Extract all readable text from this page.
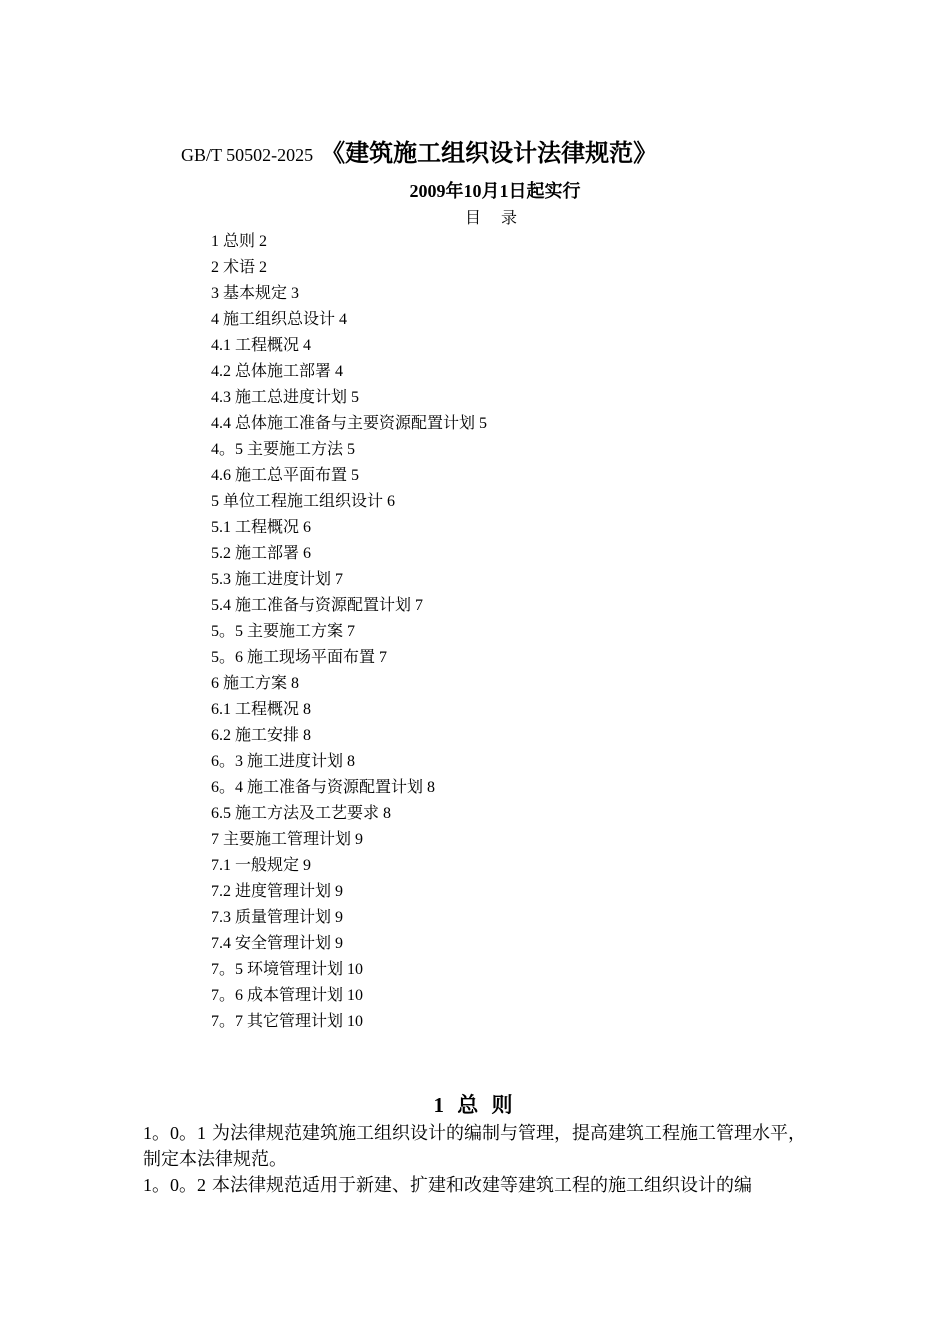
GB/T 50502-2025 《建筑施工组织设计法律规范》
2009年10月1日起实行
目 录
1 总则 2
2 术语 2
3 基本规定 3
4 施工组织总设计 4
4.1 工程概况 4
4.2 总体施工部署 4
4.3 施工总进度计划 5
4.4 总体施工准备与主要资源配置计划 5
4。5 主要施工方法 5
4.6 施工总平面布置 5
5 单位工程施工组织设计 6
5.1 工程概况 6
5.2 施工部署 6
5.3 施工进度计划 7
5.4 施工准备与资源配置计划 7
5。5 主要施工方案 7
5。6 施工现场平面布置 7
6 施工方案 8
6.1 工程概况 8
6.2 施工安排 8
6。3 施工进度计划 8
6。4 施工准备与资源配置计划 8
6.5 施工方法及工艺要求 8
7 主要施工管理计划 9
7.1 一般规定 9
7.2 进度管理计划 9
7.3 质量管理计划 9
7.4 安全管理计划 9
7。5 环境管理计划 10
7。6 成本管理计划 10
7。7 其它管理计划 10
1 总 则

1。0。1 为法律规范建筑施工组织设计的编制与管理，提高建筑工程施工管理水平，制定本法律规范。

1。0。2 本法律规范适用于新建、扩建和改建等建筑工程的施工组织设计的编
